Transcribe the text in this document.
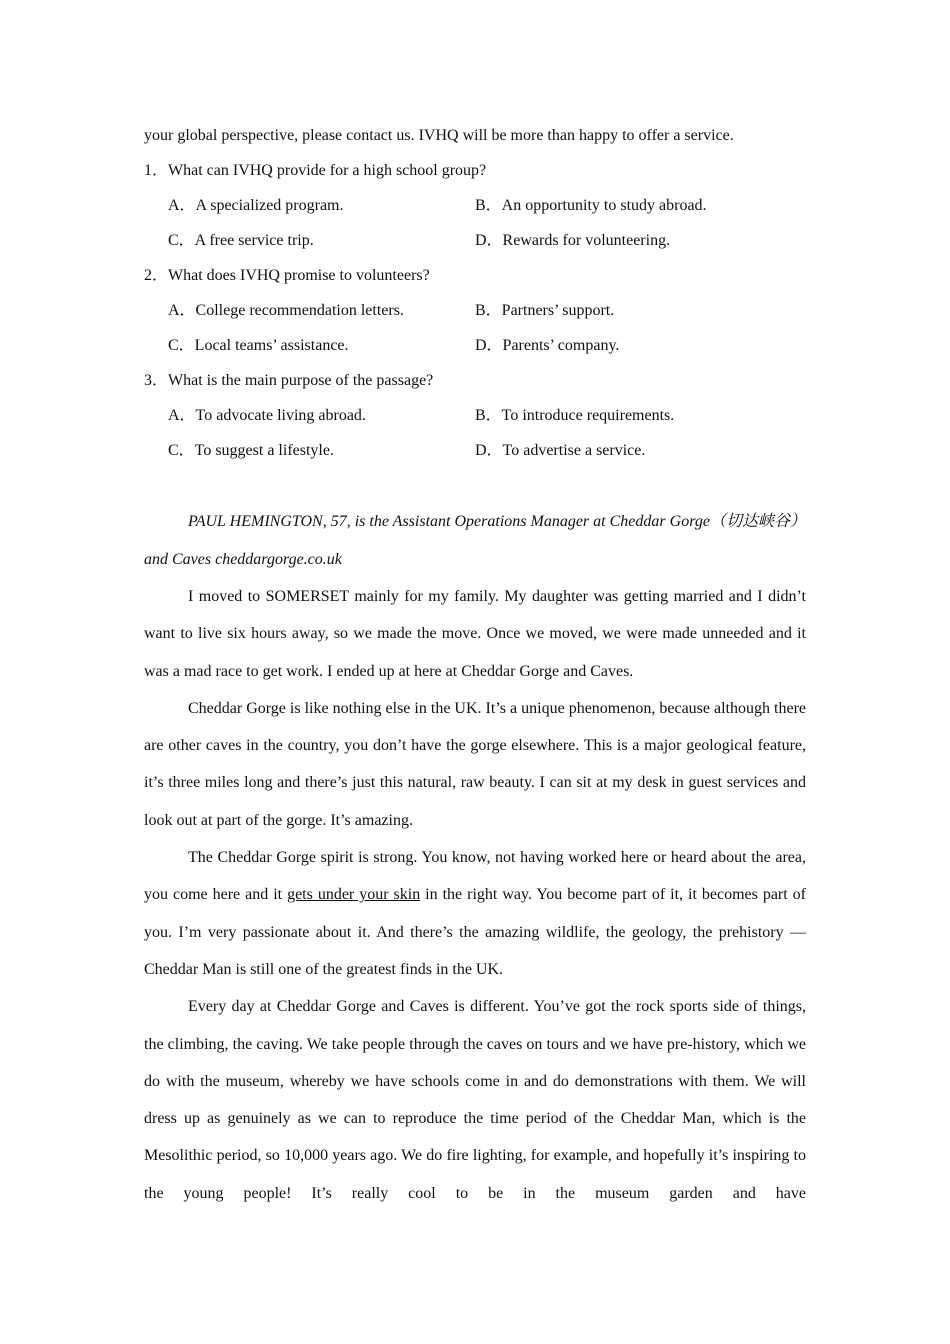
your global perspective, please contact us. IVHQ will be more than happy to offer a service.
1． What can IVHQ provide for a high school group?
A．A specialized program.	B．An opportunity to study abroad.
C．A free service trip.	D．Rewards for volunteering.
2． What does IVHQ promise to volunteers?
A．College recommendation letters.	B．Partners’ support.
C．Local teams’ assistance.	D．Parents’ company.
3． What is the main purpose of the passage?
A．To advocate living abroad.	B．To introduce requirements.
C．To suggest a lifestyle.	D．To advertise a service.

PAUL HEMINGTON, 57, is the Assistant Operations Manager at Cheddar Gorge（切达峡谷）and Caves cheddargorge.co.uk

I moved to SOMERSET mainly for my family. My daughter was getting married and I didn’t want to live six hours away, so we made the move. Once we moved, we were made unneeded and it was a mad race to get work. I ended up at here at Cheddar Gorge and Caves.

Cheddar Gorge is like nothing else in the UK. It’s a unique phenomenon, because although there are other caves in the country, you don’t have the gorge elsewhere. This is a major geological feature, it’s three miles long and there’s just this natural, raw beauty. I can sit at my desk in guest services and look out at part of the gorge. It’s amazing.

The Cheddar Gorge spirit is strong. You know, not having worked here or heard about the area, you come here and it gets under your skin in the right way. You become part of it, it becomes part of you. I’m very passionate about it. And there’s the amazing wildlife, the geology, the prehistory — Cheddar Man is still one of the greatest finds in the UK.

Every day at Cheddar Gorge and Caves is different. You’ve got the rock sports side of things, the climbing, the caving. We take people through the caves on tours and we have pre-history, which we do with the museum, whereby we have schools come in and do demonstrations with them. We will dress up as genuinely as we can to reproduce the time period of the Cheddar Man, which is the Mesolithic period, so 10,000 years ago. We do fire lighting, for example, and hopefully it’s inspiring to the young people! It’s really cool to be in the museum garden and have
